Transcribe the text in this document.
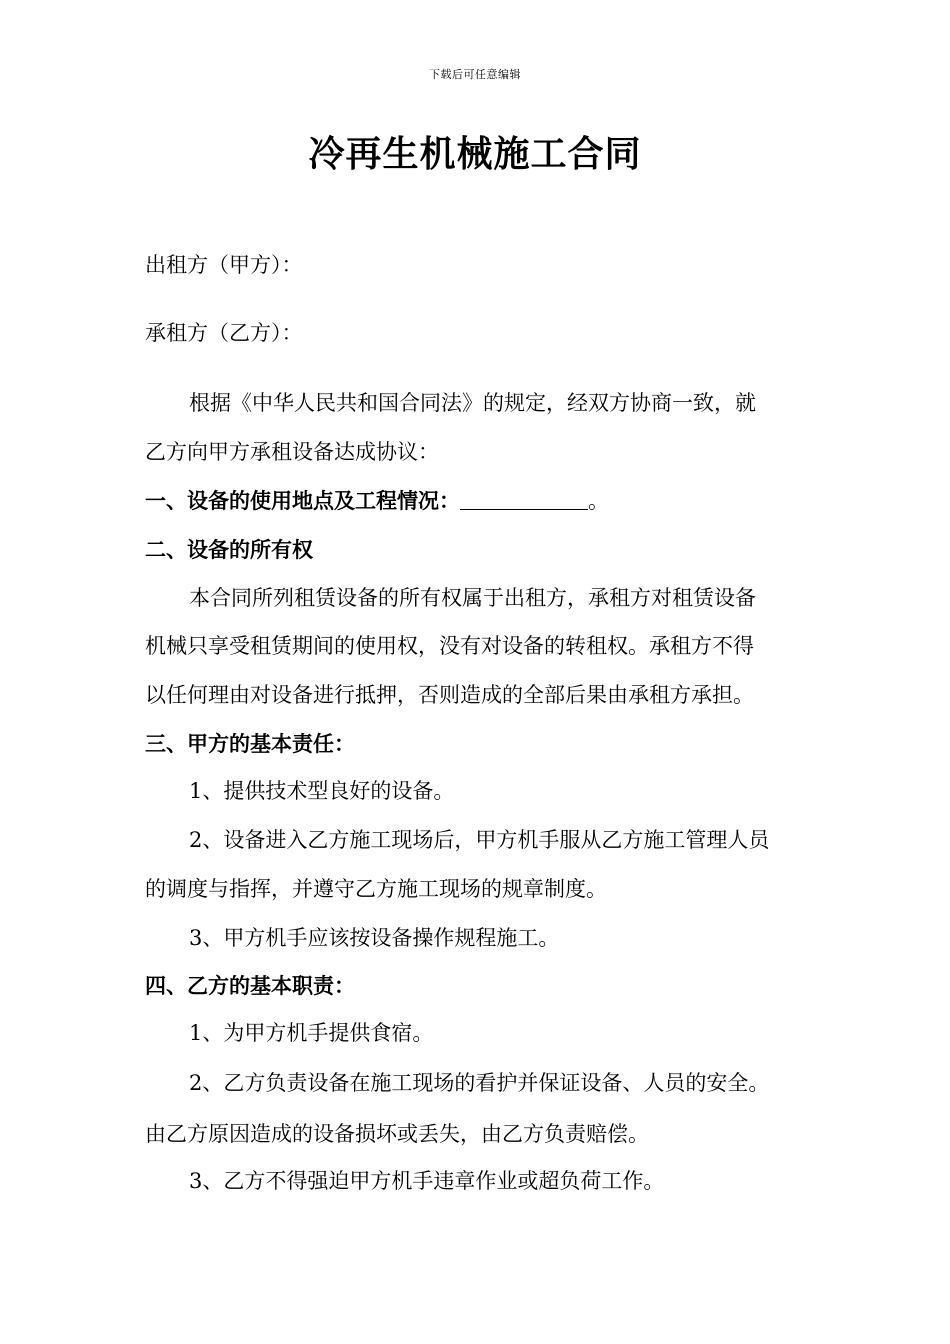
下载后可任意编辑
冷再生机械施工合同
出租方（甲方）：
承租方（乙方）：
根据《中华人民共和国合同法》的规定，经双方协商一致，就
乙方向甲方承租设备达成协议：
一、设备的使用地点及工程情况：	。
二、设备的所有权
本合同所列租赁设备的所有权属于出租方，承租方对租赁设备
机械只享受租赁期间的使用权，没有对设备的转租权。承租方不得
以任何理由对设备进行抵押，否则造成的全部后果由承租方承担。
三、甲方的基本责任：
1、提供技术型良好的设备。
2、设备进入乙方施工现场后，甲方机手服从乙方施工管理人员
的调度与指挥，并遵守乙方施工现场的规章制度。
3、甲方机手应该按设备操作规程施工。
四、乙方的基本职责：
1、为甲方机手提供食宿。
2、乙方负责设备在施工现场的看护并保证设备、人员的安全。
由乙方原因造成的设备损坏或丢失，由乙方负责赔偿。
3、乙方不得强迫甲方机手违章作业或超负荷工作。
